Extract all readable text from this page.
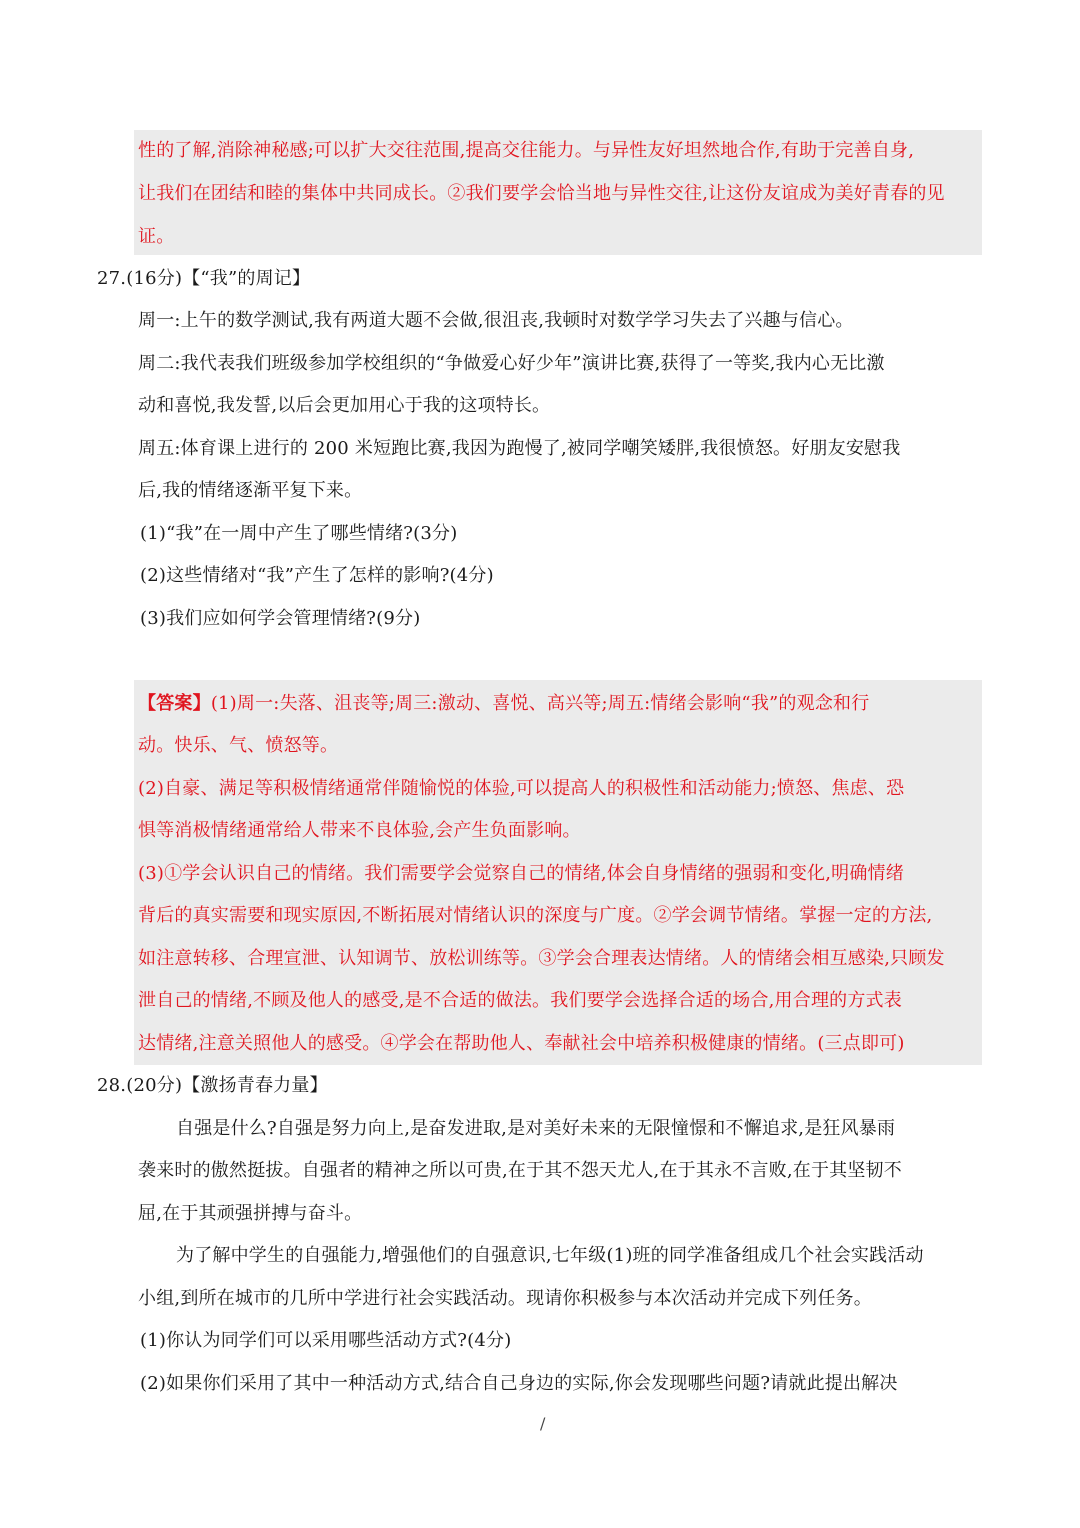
性的了解,消除神秘感;可以扩大交往范围,提高交往能力。与异性友好坦然地合作,有助于完善自身,
让我们在团结和睦的集体中共同成长。②我们要学会恰当地与异性交往,让这份友谊成为美好青春的见
证。
27.(16分)【“我”的周记】
周一:上午的数学测试,我有两道大题不会做,很沮丧,我顿时对数学学习失去了兴趣与信心。
周二:我代表我们班级参加学校组织的“争做爱心好少年”演讲比赛,获得了一等奖,我内心无比激
动和喜悦,我发誓,以后会更加用心于我的这项特长。
周五:体育课上进行的 200 米短跑比赛,我因为跑慢了,被同学嘲笑矮胖,我很愤怒。好朋友安慰我
后,我的情绪逐渐平复下来。
(1)“我”在一周中产生了哪些情绪?(3分)
(2)这些情绪对“我”产生了怎样的影响?(4分)
(3)我们应如何学会管理情绪?(9分)
【答案】(1)周一:失落、沮丧等;周三:激动、喜悦、高兴等;周五:情绪会影响“我”的观念和行
动。快乐、气、愤怒等。
(2)自豪、满足等积极情绪通常伴随愉悦的体验,可以提高人的积极性和活动能力;愤怒、焦虑、恐
惧等消极情绪通常给人带来不良体验,会产生负面影响。
(3)①学会认识自己的情绪。我们需要学会觉察自己的情绪,体会自身情绪的强弱和变化,明确情绪
背后的真实需要和现实原因,不断拓展对情绪认识的深度与广度。②学会调节情绪。掌握一定的方法,
如注意转移、合理宣泄、认知调节、放松训练等。③学会合理表达情绪。人的情绪会相互感染,只顾发
泄自己的情绪,不顾及他人的感受,是不合适的做法。我们要学会选择合适的场合,用合理的方式表
达情绪,注意关照他人的感受。④学会在帮助他人、奉献社会中培养积极健康的情绪。(三点即可)
28.(20分)【激扬青春力量】
自强是什么?自强是努力向上,是奋发进取,是对美好未来的无限憧憬和不懈追求,是狂风暴雨
袭来时的傲然挺拔。自强者的精神之所以可贵,在于其不怨天尤人,在于其永不言败,在于其坚韧不
屈,在于其顽强拼搏与奋斗。
为了解中学生的自强能力,增强他们的自强意识,七年级(1)班的同学准备组成几个社会实践活动
小组,到所在城市的几所中学进行社会实践活动。现请你积极参与本次活动并完成下列任务。
(1)你认为同学们可以采用哪些活动方式?(4分)
(2)如果你们采用了其中一种活动方式,结合自己身边的实际,你会发现哪些问题?请就此提出解决
/
